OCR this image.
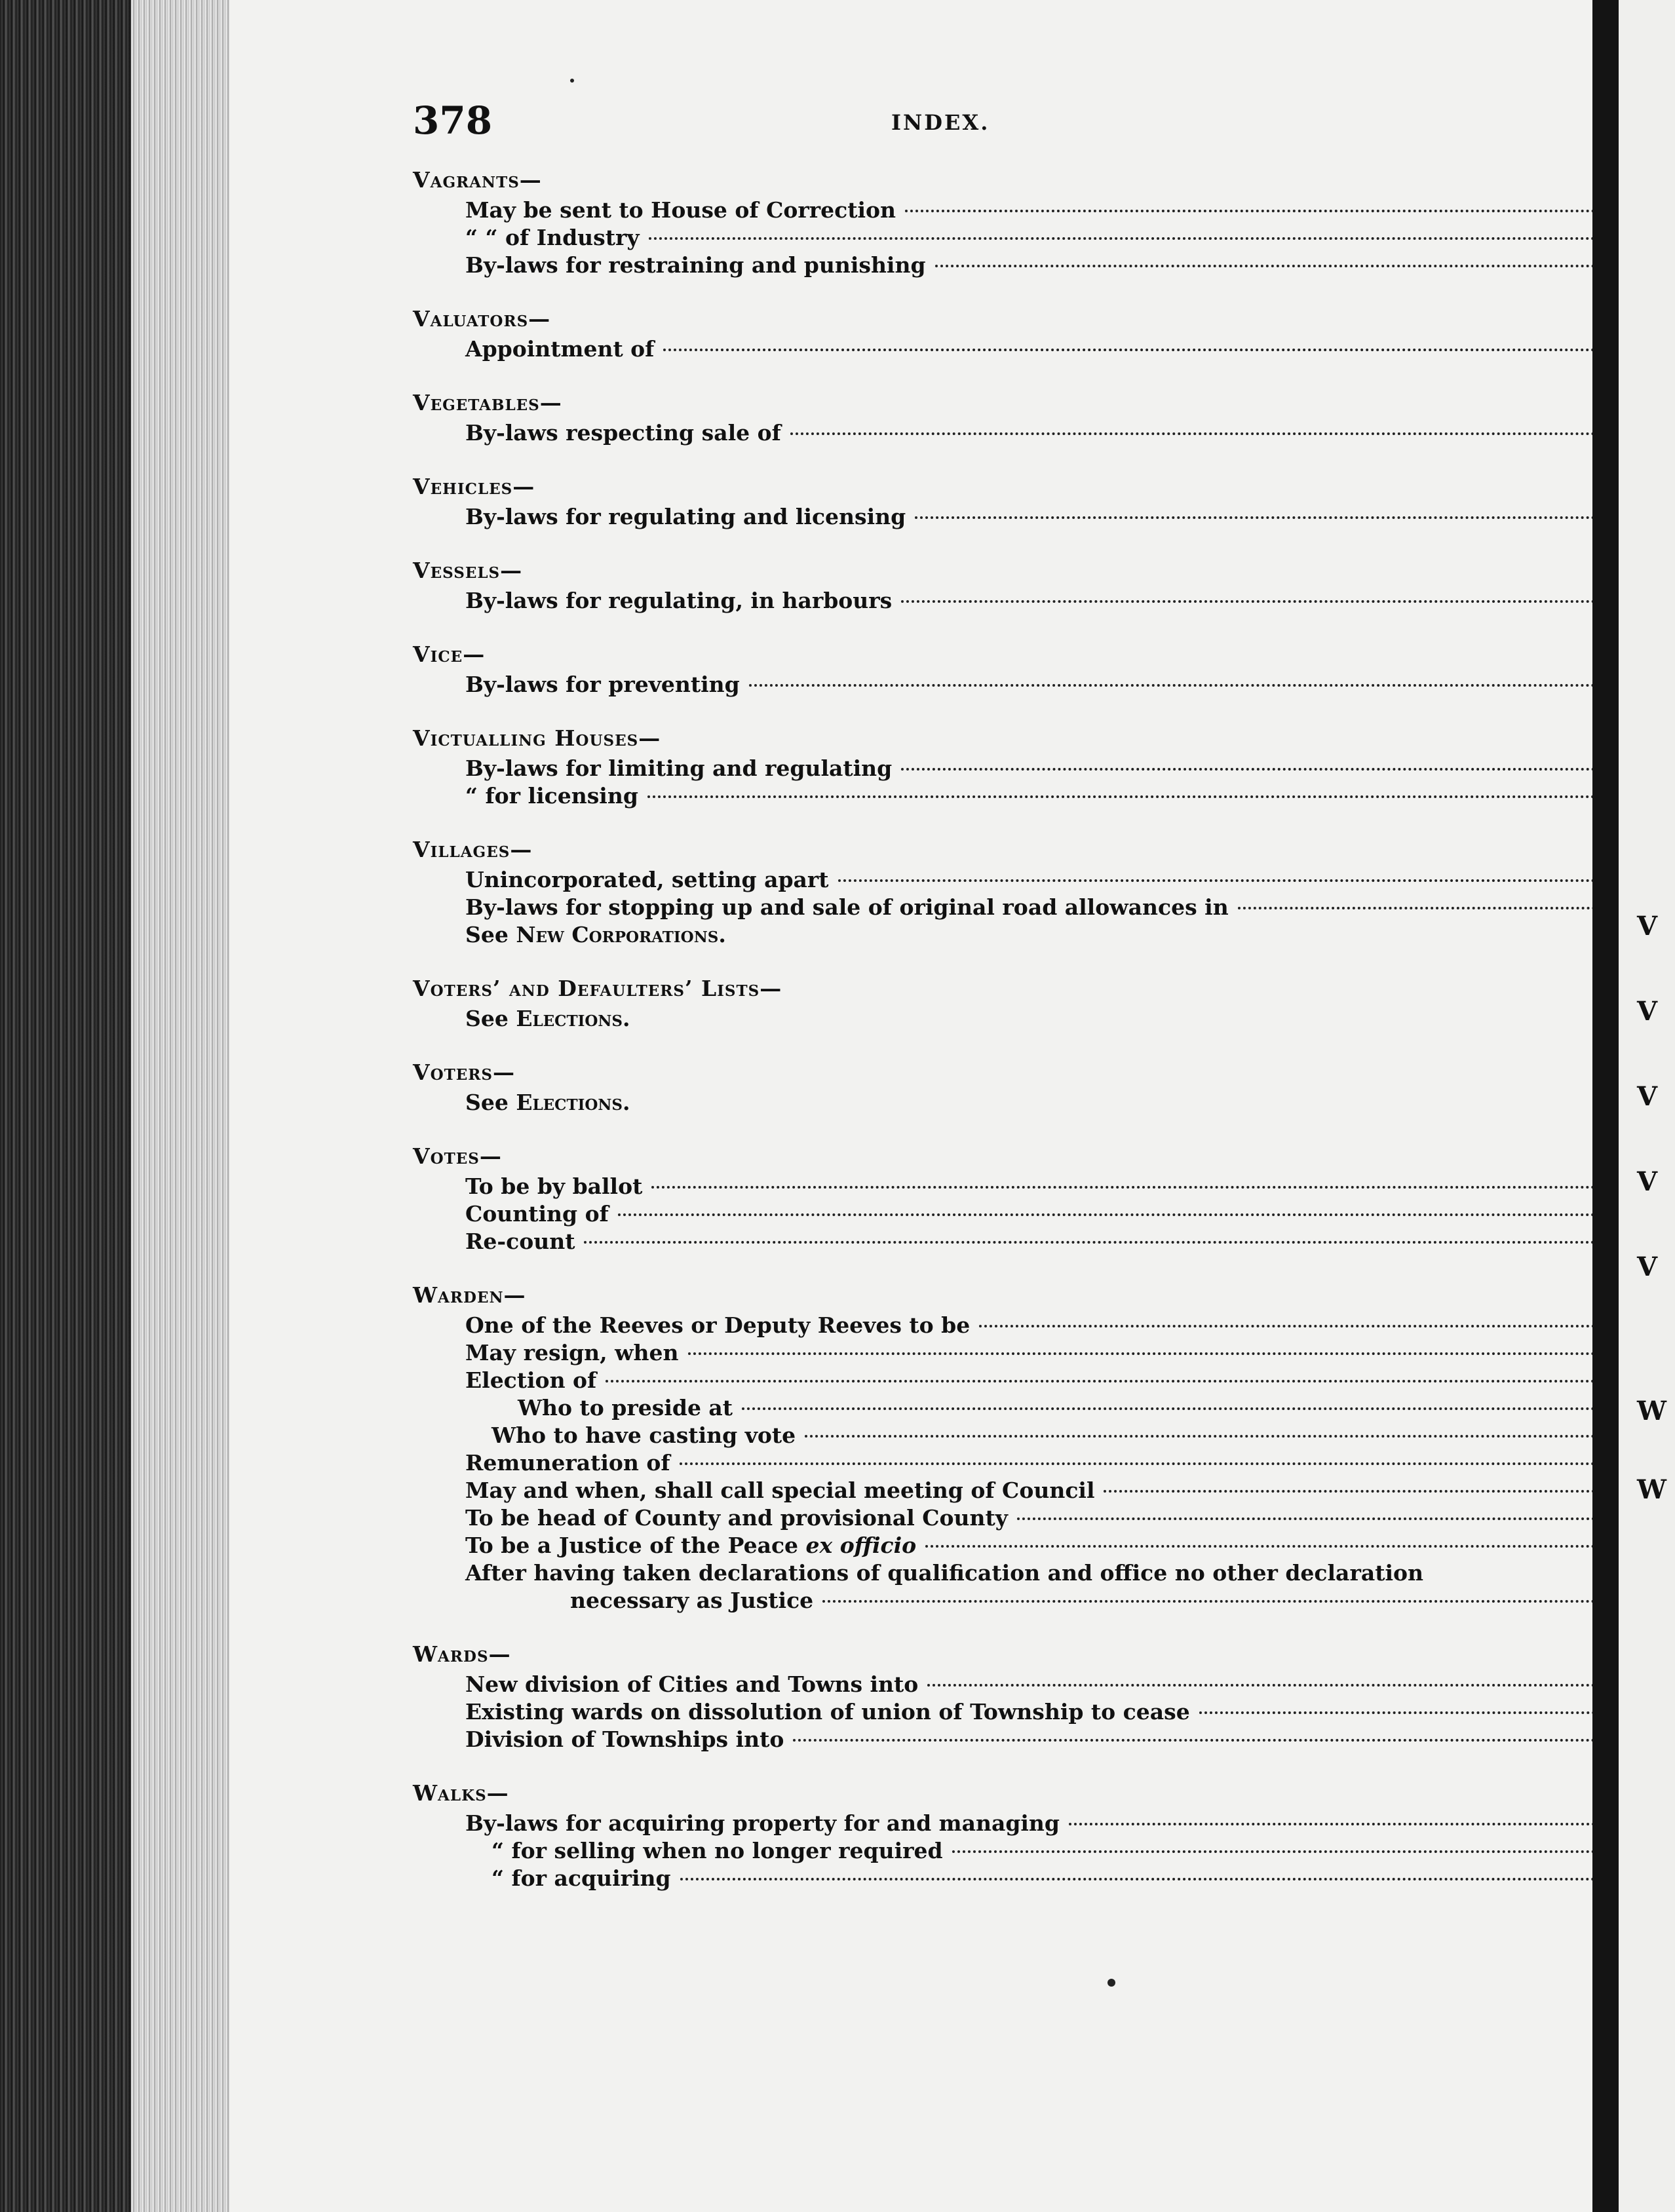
378	INDEX.
Vagrants—
May be sent to House of Correction
“ “ of Industry
By-laws for restraining and punishing
Valuators—
Appointment of
Vegetables—
By-laws respecting sale of
Vehicles—
By-laws for regulating and licensing
Vessels—
By-laws for regulating, in harbours
Vice—
By-laws for preventing
Victualling Houses—
By-laws for limiting and regulating
“ for licensing
Villages—
Unincorporated, setting apart
By-laws for stopping up and sale of original road allowances in
See New Corporations.
Voters’ and Defaulters’ Lists—
See Elections.
Voters—
See Elections.
Votes—
To be by ballot
Counting of
Re-count
Warden—
One of the Reeves or Deputy Reeves to be
May resign, when
Election of
Who to preside at
Who to have casting vote
Remuneration of
May and when, shall call special meeting of Council
To be head of County and provisional County
To be a Justice of the Peace ex officio
After having taken declarations of qualification and office no other declaration
necessary as Justice
Wards—
New division of Cities and Towns into
Existing wards on dissolution of union of Township to cease
Division of Townships into
Walks—
By-laws for acquiring property for and managing
“ for selling when no longer required
“ for acquiring
V
V
V
V
V
W
W
